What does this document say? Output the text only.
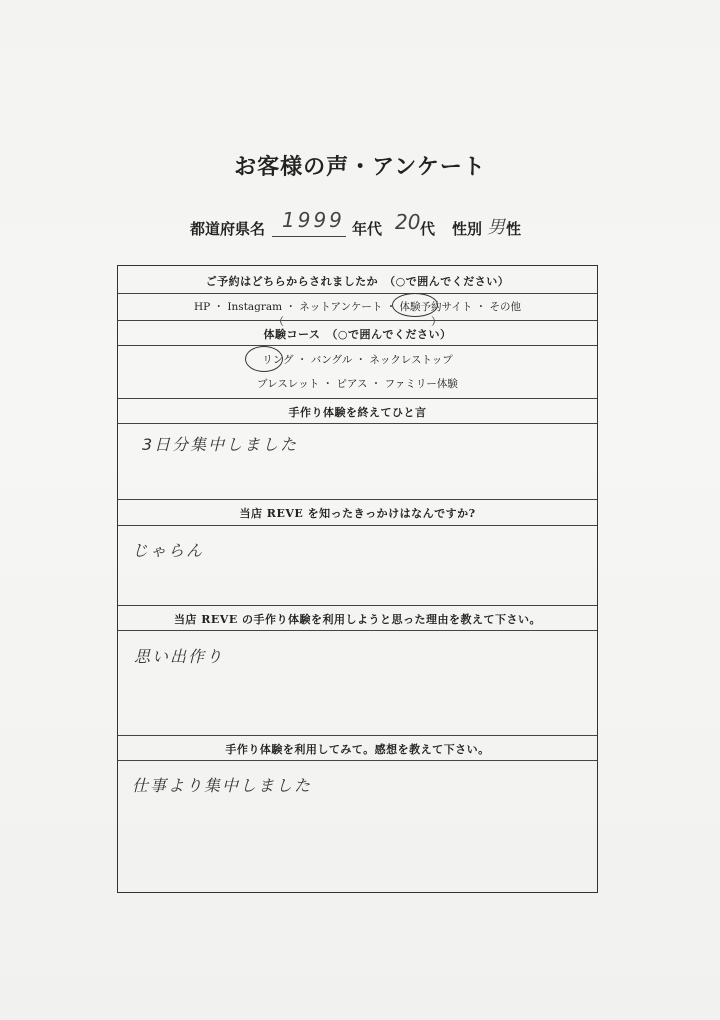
お客様の声・アンケート
都道府県名 1999 年代 20 代 性別 男 性
ご予約はどちらからされましたか　（○で囲んでください）
HP ・ Instagram ・ ネットアンケート ・ 体験予約サイト ・ その他（　　　　　　　　　　　　　　）
体験コース　（○で囲んでください）
リング ・ バングル ・ ネックレストップ
ブレスレット ・ ピアス ・ ファミリー体験
手作り体験を終えてひと言
3日分集中しました
当店 REVE を知ったきっかけはなんですか?
じゃらん
当店 REVE の手作り体験を利用しようと思った理由を教えて下さい。
思い出作り
手作り体験を利用してみて。感想を教えて下さい。
仕事より集中しました
